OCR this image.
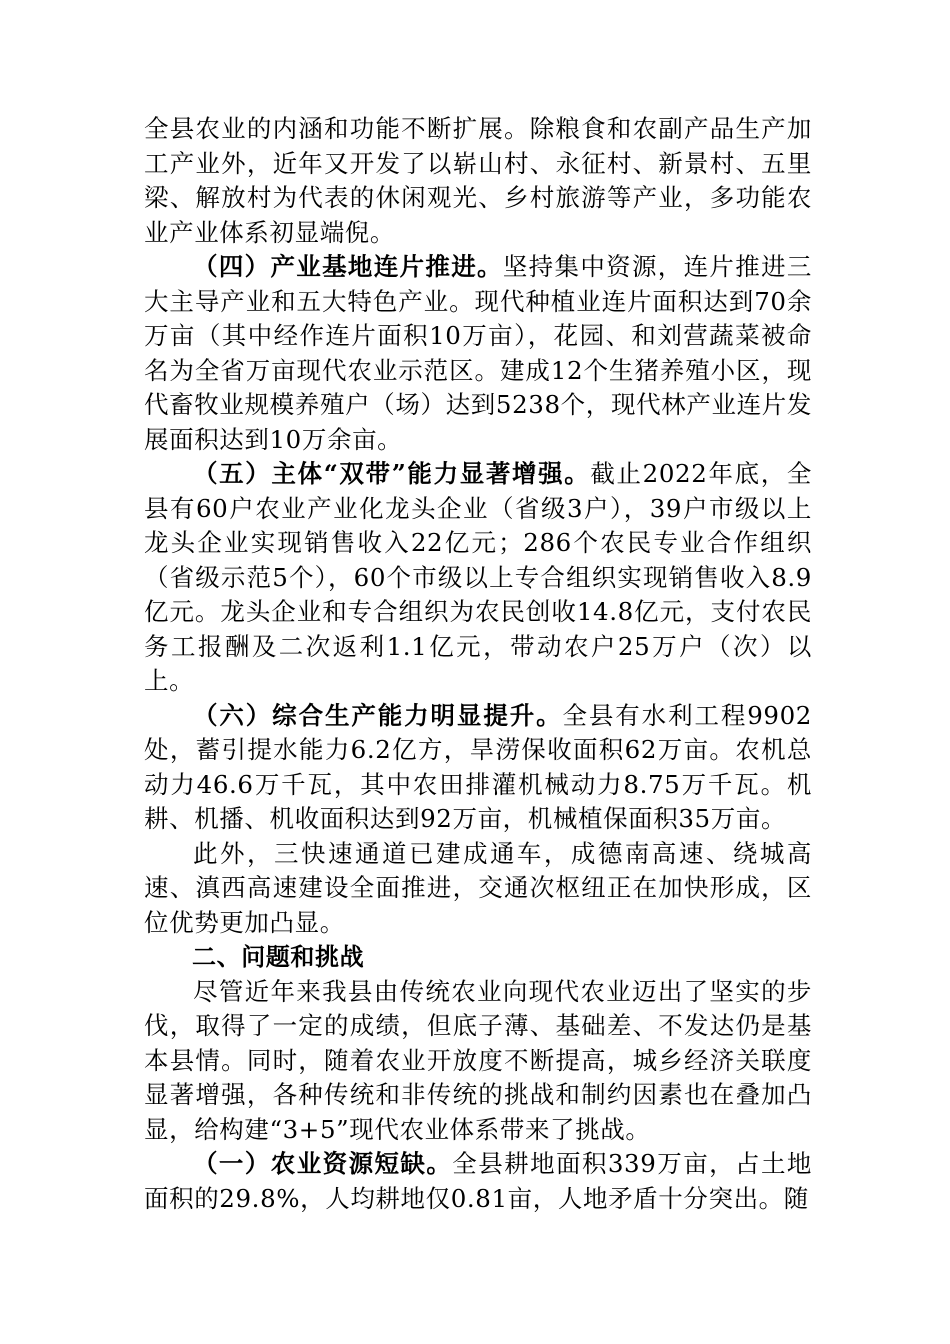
全县农业的内涵和功能不断扩展。除粮食和农副产品生产加工产业外，近年又开发了以崭山村、永征村、新景村、五里梁、解放村为代表的休闲观光、乡村旅游等产业，多功能农业产业体系初显端倪。

（四）产业基地连片推进。坚持集中资源，连片推进三大主导产业和五大特色产业。现代种植业连片面积达到70余万亩（其中经作连片面积10万亩），花园、和刘营蔬菜被命名为全省万亩现代农业示范区。建成12个生猪养殖小区，现代畜牧业规模养殖户（场）达到5238个，现代林产业连片发展面积达到10万余亩。

（五）主体“双带”能力显著增强。截止2022年底，全县有60户农业产业化龙头企业（省级3户），39户市级以上龙头企业实现销售收入22亿元；286个农民专业合作组织（省级示范5个），60个市级以上专合组织实现销售收入8.9亿元。龙头企业和专合组织为农民创收14.8亿元，支付农民务工报酬及二次返利1.1亿元，带动农户25万户（次）以上。

（六）综合生产能力明显提升。全县有水利工程9902处，蓄引提水能力6.2亿方，旱涝保收面积62万亩。农机总动力46.6万千瓦，其中农田排灌机械动力8.75万千瓦。机耕、机播、机收面积达到92万亩，机械植保面积35万亩。

此外，三快速通道已建成通车，成德南高速、绕城高速、滇西高速建设全面推进，交通次枢纽正在加快形成，区位优势更加凸显。

二、问题和挑战

尽管近年来我县由传统农业向现代农业迈出了坚实的步伐，取得了一定的成绩，但底子薄、基础差、不发达仍是基本县情。同时，随着农业开放度不断提高，城乡经济关联度显著增强，各种传统和非传统的挑战和制约因素也在叠加凸显，给构建“3+5”现代农业体系带来了挑战。

（一）农业资源短缺。全县耕地面积339万亩，占土地面积的29.8%，人均耕地仅0.81亩，人地矛盾十分突出。随
